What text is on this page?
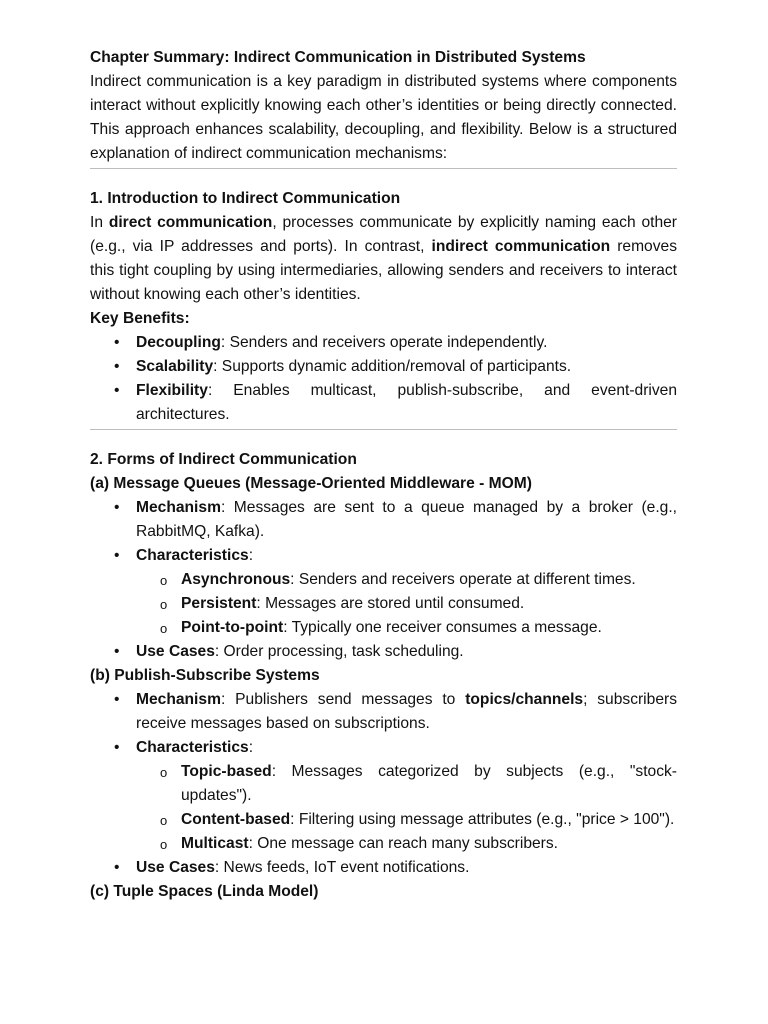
Chapter Summary: Indirect Communication in Distributed Systems

Indirect communication is a key paradigm in distributed systems where components interact without explicitly knowing each other’s identities or being directly connected. This approach enhances scalability, decoupling, and flexibility. Below is a structured explanation of indirect communication mechanisms:

1. Introduction to Indirect Communication

In direct communication, processes communicate by explicitly naming each other (e.g., via IP addresses and ports). In contrast, indirect communication removes this tight coupling by using intermediaries, allowing senders and receivers to interact without knowing each other’s identities.

Key Benefits:

• Decoupling: Senders and receivers operate independently.
• Scalability: Supports dynamic addition/removal of participants.
• Flexibility: Enables multicast, publish-subscribe, and event-driven architectures.

2. Forms of Indirect Communication

(a) Message Queues (Message-Oriented Middleware - MOM)

• Mechanism: Messages are sent to a queue managed by a broker (e.g., RabbitMQ, Kafka).
• Characteristics:
o Asynchronous: Senders and receivers operate at different times.
o Persistent: Messages are stored until consumed.
o Point-to-point: Typically one receiver consumes a message.
• Use Cases: Order processing, task scheduling.

(b) Publish-Subscribe Systems

• Mechanism: Publishers send messages to topics/channels; subscribers receive messages based on subscriptions.
• Characteristics:
o Topic-based: Messages categorized by subjects (e.g., "stock-updates").
o Content-based: Filtering using message attributes (e.g., "price > 100").
o Multicast: One message can reach many subscribers.
• Use Cases: News feeds, IoT event notifications.

(c) Tuple Spaces (Linda Model)
